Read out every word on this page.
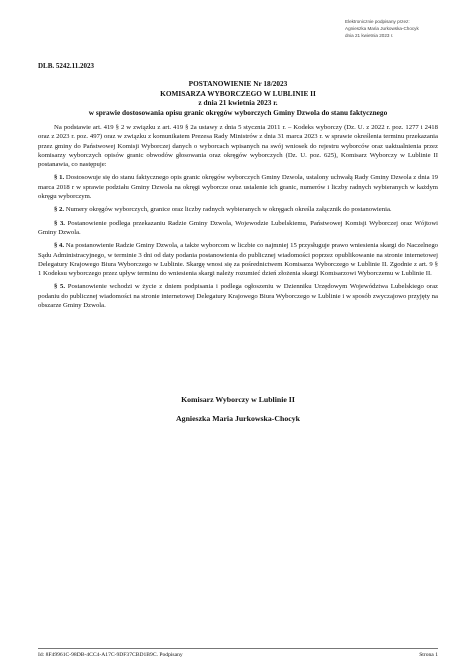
Elektronicznie podpisany przez:
Agnieszka Maria Jurkowska-Chocyk
dnia 21 kwietnia 2023 r.
DLB. 5242.11.2023
POSTANOWIENIE Nr 18/2023
KOMISARZA WYBORCZEGO W LUBLINIE II
z dnia 21 kwietnia 2023 r.
w sprawie dostosowania opisu granic okręgów wyborczych Gminy Dzwola do stanu faktycznego

Na podstawie art. 419 § 2 w związku z art. 419 § 2a ustawy z dnia 5 stycznia 2011 r. – Kodeks wyborczy (Dz. U. z 2022 r. poz. 1277 i 2418 oraz z 2023 r. poz. 497) oraz w związku z komunikatem Prezesa Rady Ministrów z dnia 31 marca 2023 r. w sprawie określenia terminu przekazania przez gminy do Państwowej Komisji Wyborczej danych o wyborcach wpisanych na swój wniosek do rejestru wyborców oraz uaktualnienia przez komisarzy wyborczych opisów granic obwodów głosowania oraz okręgów wyborczych (Dz. U. poz. 625), Komisarz Wyborczy w Lublinie II postanawia, co następuje:

§ 1. Dostosowuje się do stanu faktycznego opis granic okręgów wyborczych Gminy Dzwola, ustalony uchwałą Rady Gminy Dzwola z dnia 19 marca 2018 r w sprawie podziału Gminy Dzwola na okręgi wyborcze oraz ustalenie ich granic, numerów i liczby radnych wybieranych w każdym okręgu wyborczym.

§ 2. Numery okręgów wyborczych, granice oraz liczby radnych wybieranych w okręgach określa załącznik do postanowienia.

§ 3. Postanowienie podlega przekazaniu Radzie Gminy Dzwola, Wojewodzie Lubelskiemu, Państwowej Komisji Wyborczej oraz Wójtowi Gminy Dzwola.

§ 4. Na postanowienie Radzie Gminy Dzwola, a także wyborcom w liczbie co najmniej 15 przysługuje prawo wniesienia skargi do Naczelnego Sądu Administracyjnego, w terminie 3 dni od daty podania postanowienia do publicznej wiadomości poprzez opublikowanie na stronie internetowej Delegatury Krajowego Biura Wyborczego w Lublinie. Skargę wnosi się za pośrednictwem Komisarza Wyborczego w Lublinie II. Zgodnie z art. 9 § 1 Kodeksu wyborczego przez upływ terminu do wniesienia skargi należy rozumieć dzień złożenia skargi Komisarzowi Wyborczemu w Lublinie II.

§ 5. Postanowienie wchodzi w życie z dniem podpisania i podlega ogłoszeniu w Dzienniku Urzędowym Województwa Lubelskiego oraz podaniu do publicznej wiadomości na stronie internetowej Delegatury Krajowego Biura Wyborczego w Lublinie i w sposób zwyczajowo przyjęty na obszarze Gminy Dzwola.

Komisarz Wyborczy w Lublinie II
Agnieszka Maria Jurkowska-Chocyk
Id: 8F49961C-98DB-4CC4-A17C-9DF37CBD1B9C. Podpisany	Strona 1
